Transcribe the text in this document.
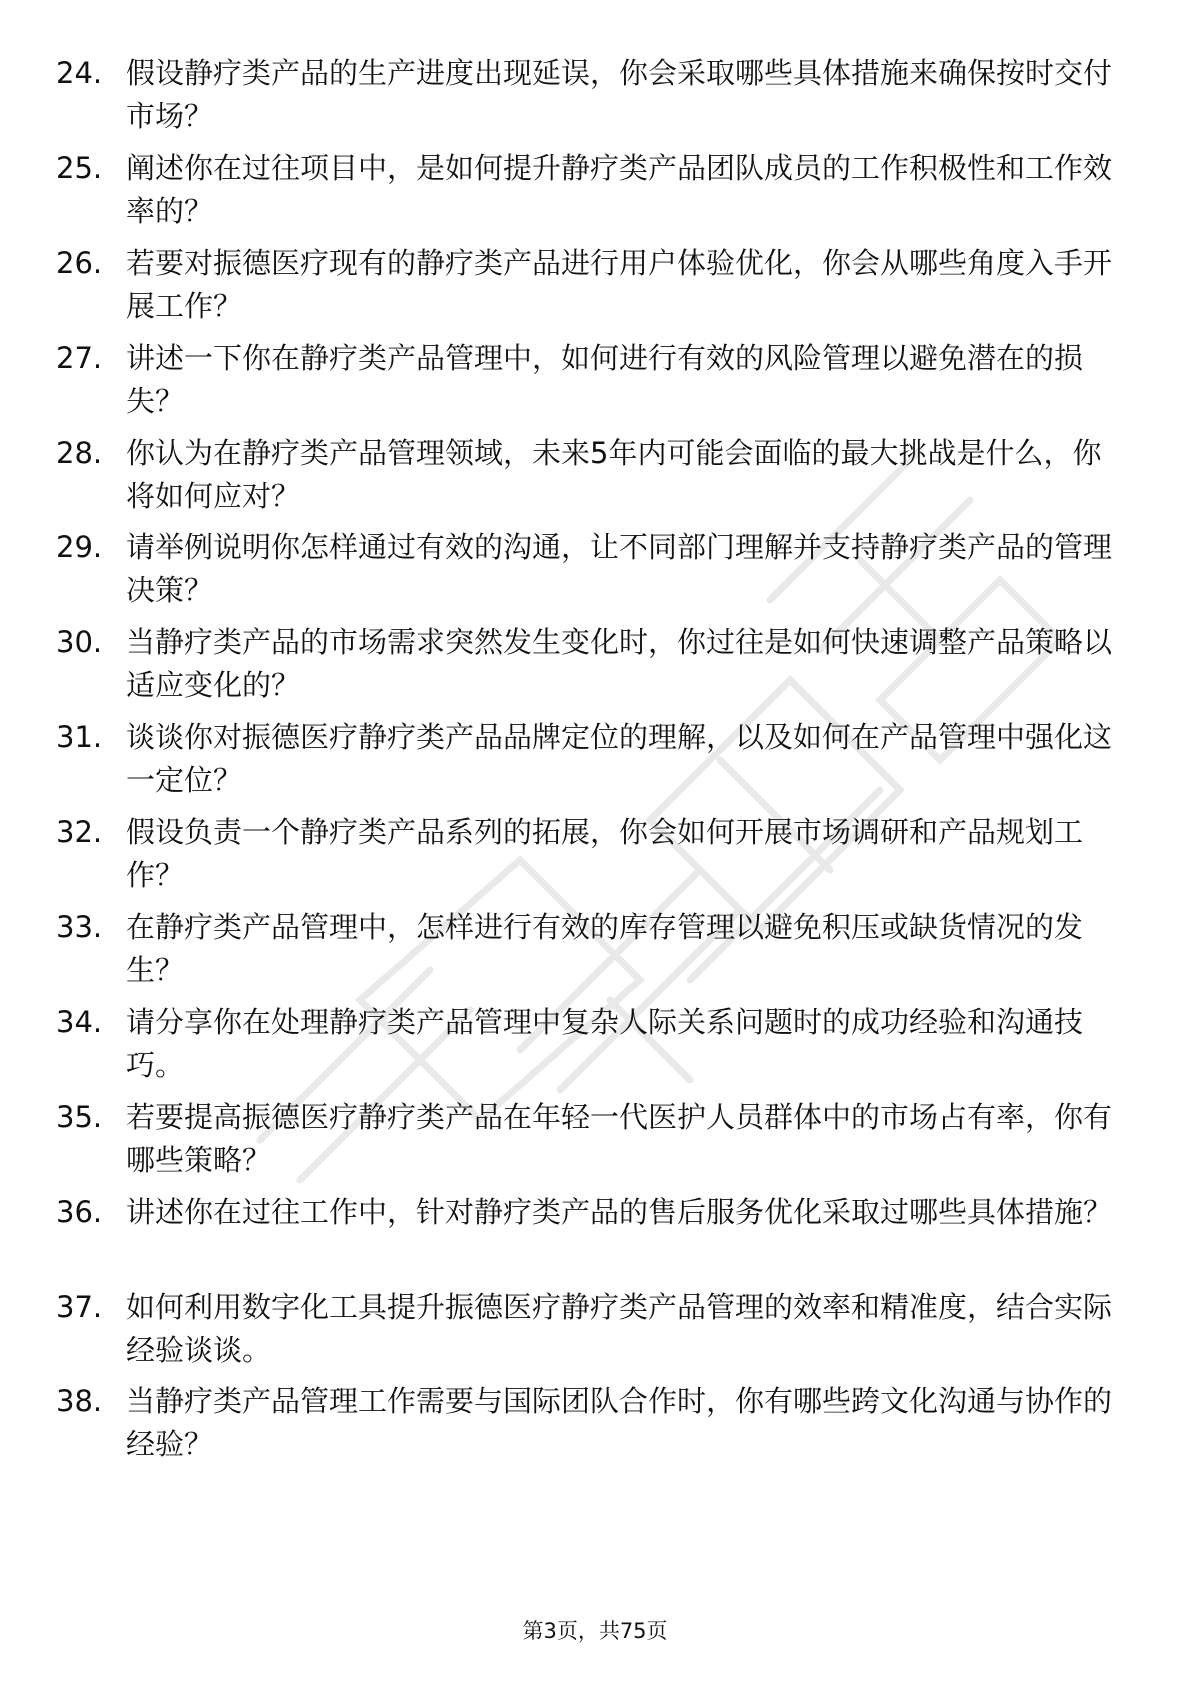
24. 假设静疗类产品的生产进度出现延误，你会采取哪些具体措施来确保按时交付市场？
25. 阐述你在过往项目中，是如何提升静疗类产品团队成员的工作积极性和工作效率的？
26. 若要对振德医疗现有的静疗类产品进行用户体验优化，你会从哪些角度入手开展工作？
27. 讲述一下你在静疗类产品管理中，如何进行有效的风险管理以避免潜在的损失？
28. 你认为在静疗类产品管理领域，未来5年内可能会面临的最大挑战是什么，你将如何应对？
29. 请举例说明你怎样通过有效的沟通，让不同部门理解并支持静疗类产品的管理决策？
30. 当静疗类产品的市场需求突然发生变化时，你过往是如何快速调整产品策略以适应变化的？
31. 谈谈你对振德医疗静疗类产品品牌定位的理解，以及如何在产品管理中强化这一定位？
32. 假设负责一个静疗类产品系列的拓展，你会如何开展市场调研和产品规划工作？
33. 在静疗类产品管理中，怎样进行有效的库存管理以避免积压或缺货情况的发生？
34. 请分享你在处理静疗类产品管理中复杂人际关系问题时的成功经验和沟通技巧。
35. 若要提高振德医疗静疗类产品在年轻一代医护人员群体中的市场占有率，你有哪些策略？
36. 讲述你在过往工作中，针对静疗类产品的售后服务优化采取过哪些具体措施？
37. 如何利用数字化工具提升振德医疗静疗类产品管理的效率和精准度，结合实际经验谈谈。
38. 当静疗类产品管理工作需要与国际团队合作时，你有哪些跨文化沟通与协作的经验？
第3页，共75页
